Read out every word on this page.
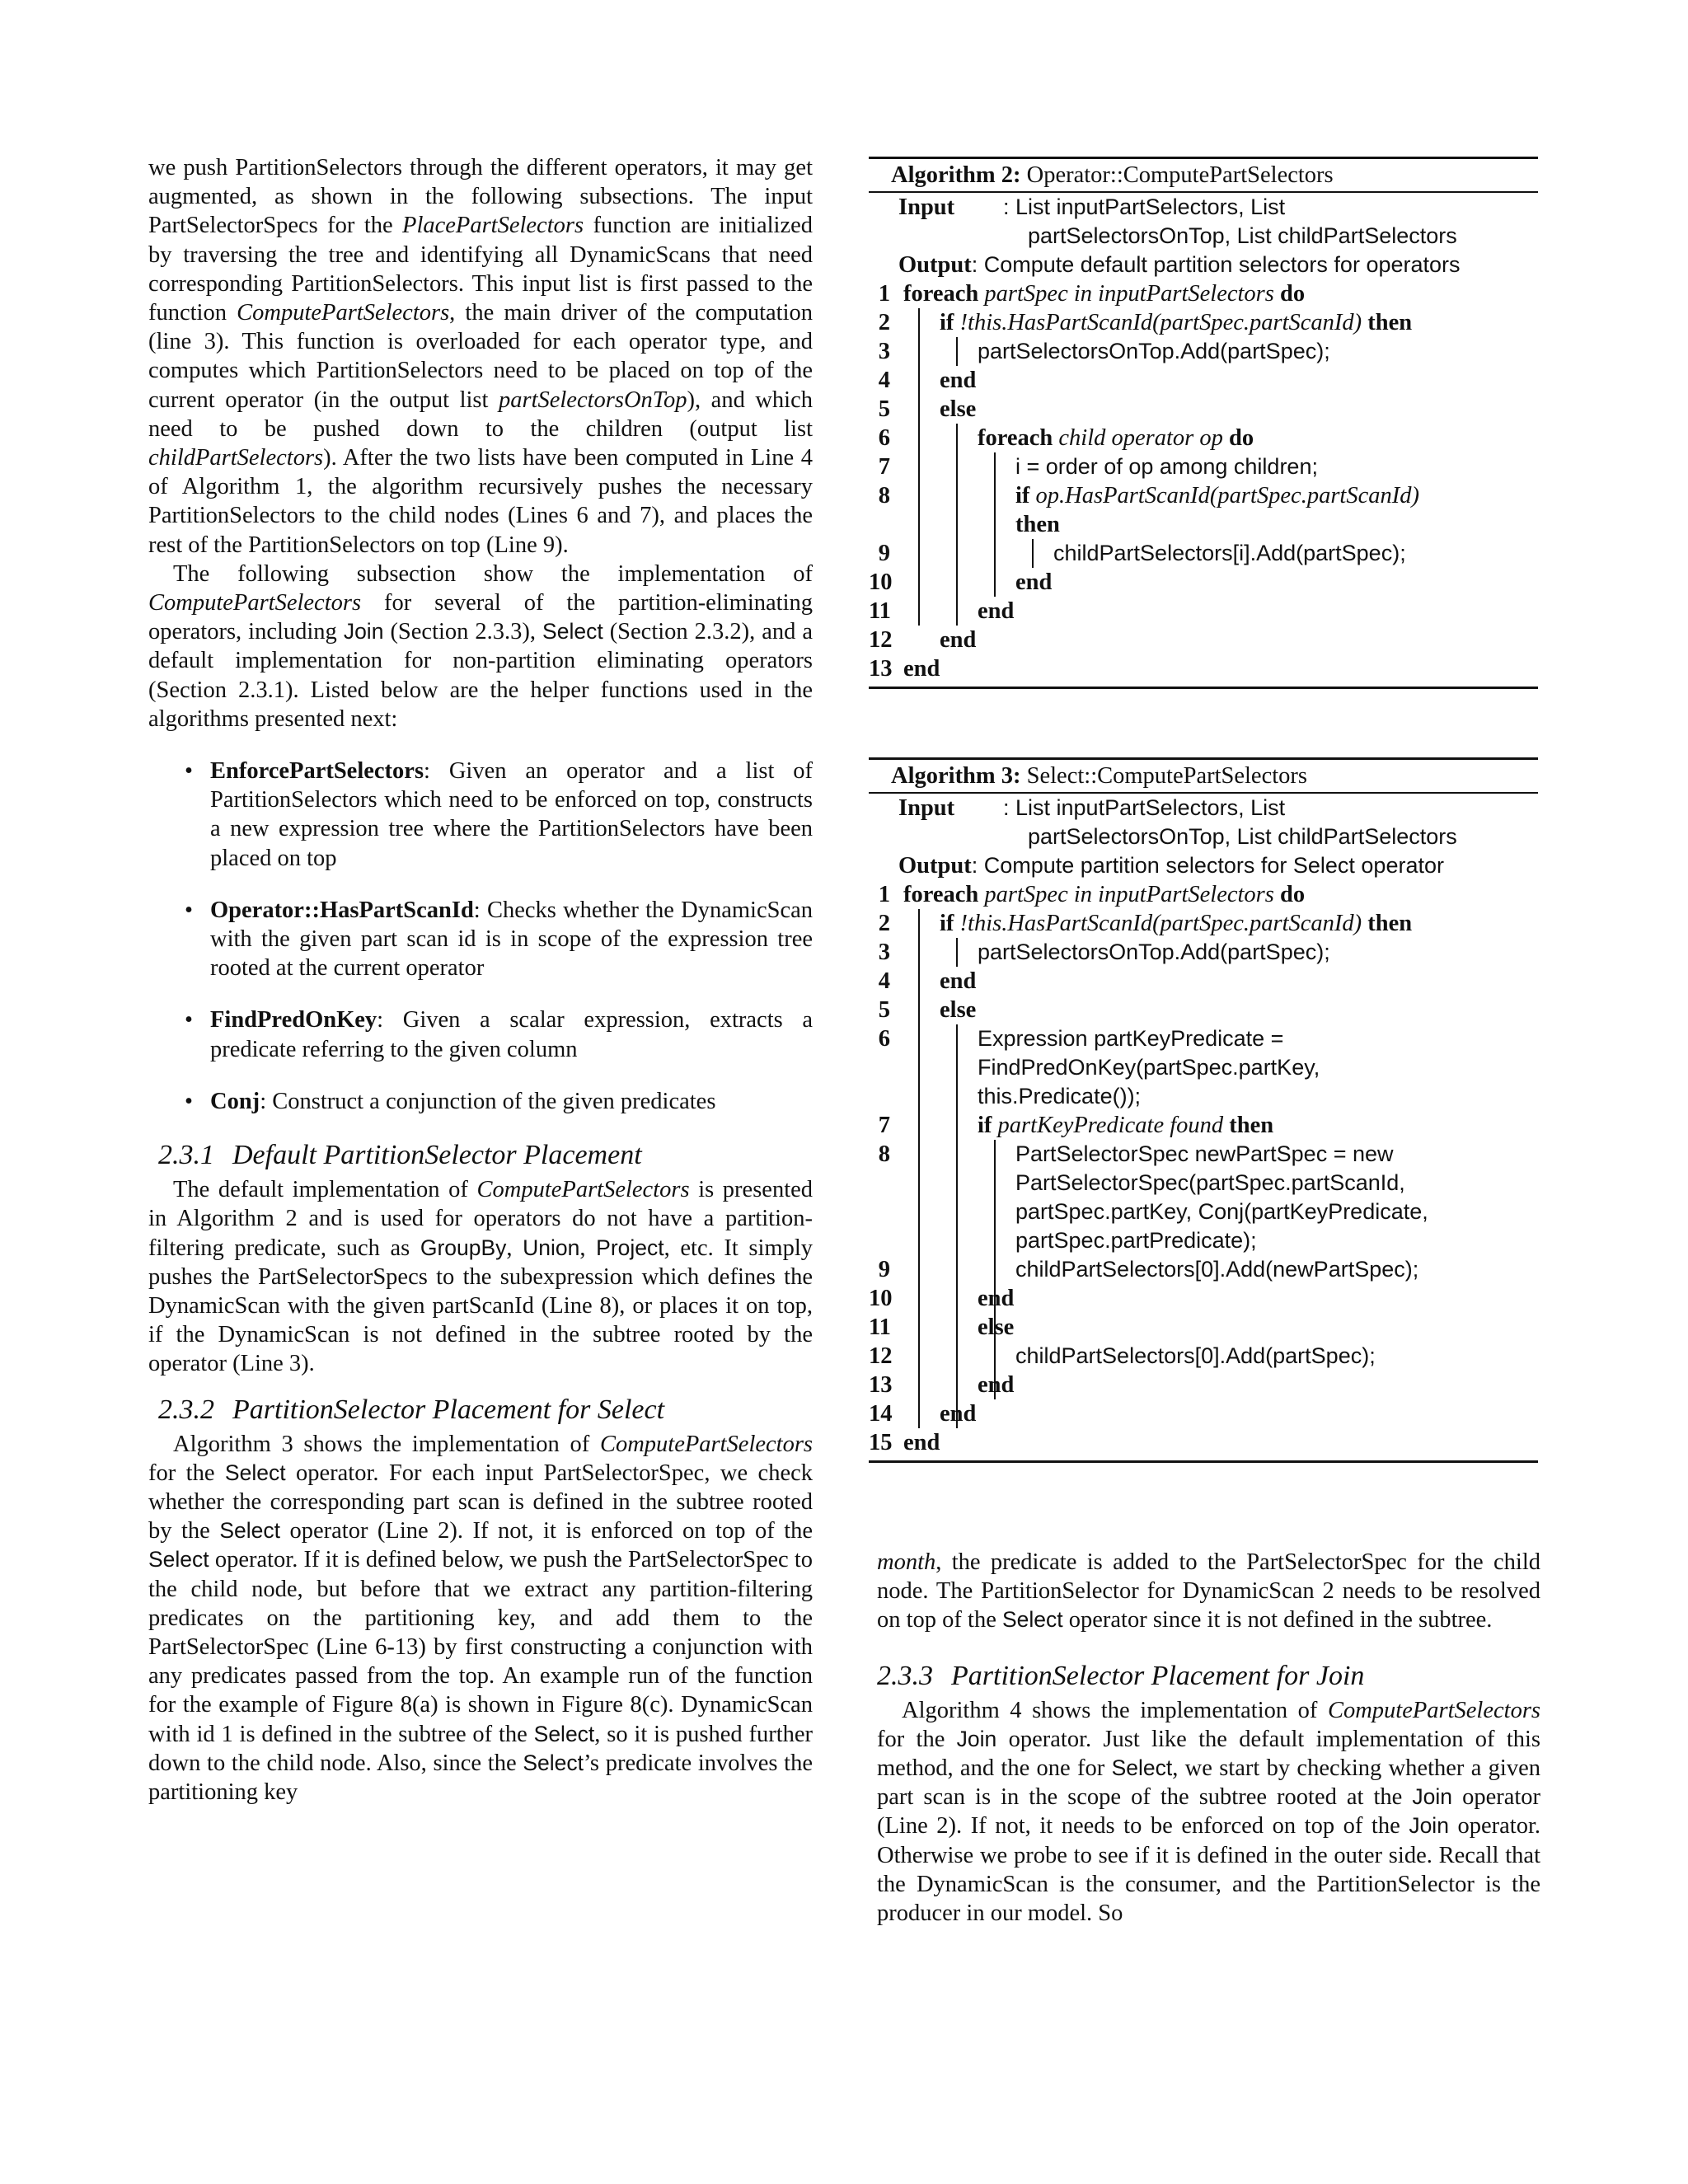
we push PartitionSelectors through the different operators, it may get augmented, as shown in the following subsections. The input PartSelectorSpecs for the PlacePartSelectors function are initialized by traversing the tree and identifying all DynamicScans that need corresponding PartitionSelectors. This input list is first passed to the function ComputePartSelectors, the main driver of the computation (line 3). This function is overloaded for each operator type, and computes which PartitionSelectors need to be placed on top of the current operator (in the output list partSelectorsOnTop), and which need to be pushed down to the children (output list childPartSelectors). After the two lists have been computed in Line 4 of Algorithm 1, the algorithm recursively pushes the necessary PartitionSelectors to the child nodes (Lines 6 and 7), and places the rest of the PartitionSelectors on top (Line 9).
The following subsection show the implementation of ComputePartSelectors for several of the partition-eliminating operators, including Join (Section 2.3.3), Select (Section 2.3.2), and a default implementation for non-partition eliminating operators (Section 2.3.1). Listed below are the helper functions used in the algorithms presented next:
• EnforcePartSelectors: Given an operator and a list of PartitionSelectors which need to be enforced on top, constructs a new expression tree where the PartitionSelectors have been placed on top
• Operator::HasPartScanId: Checks whether the DynamicScan with the given part scan id is in scope of the expression tree rooted at the current operator
• FindPredOnKey: Given a scalar expression, extracts a predicate referring to the given column
• Conj: Construct a conjunction of the given predicates
2.3.1 Default PartitionSelector Placement
The default implementation of ComputePartSelectors is presented in Algorithm 2 and is used for operators do not have a partition-filtering predicate, such as GroupBy, Union, Project, etc. It simply pushes the PartSelectorSpecs to the subexpression which defines the DynamicScan with the given partScanId (Line 8), or places it on top, if the DynamicScan is not defined in the subtree rooted by the operator (Line 3).
2.3.2 PartitionSelector Placement for Select
Algorithm 3 shows the implementation of ComputePartSelectors for the Select operator. For each input PartSelectorSpec, we check whether the corresponding part scan is defined in the subtree rooted by the Select operator (Line 2). If not, it is enforced on top of the Select operator. If it is defined below, we push the PartSelectorSpec to the child node, but before that we extract any partition-filtering predicates on the partitioning key, and add them to the PartSelectorSpec (Line 6-13) by first constructing a conjunction with any predicates passed from the top. An example run of the function for the example of Figure 8(a) is shown in Figure 8(c). DynamicScan with id 1 is defined in the subtree of the Select, so it is pushed further down to the child node. Also, since the Select’s predicate involves the partitioning key
Algorithm 2: Operator::ComputePartSelectors
Input : List inputPartSelectors, List
partSelectorsOnTop, List childPartSelectors
Output: Compute default partition selectors for operators
1 foreach partSpec in inputPartSelectors do
2 if !this.HasPartScanId(partSpec.partScanId) then
3	partSelectorsOnTop.Add(partSpec);
4 end
5 else
6	foreach child operator op do
7	i = order of op among children;
8	if op.HasPartScanId(partSpec.partScanId)
then
9	childPartSelectors[i].Add(partSpec);
10	end
11	end
12 end
13 end
Algorithm 3: Select::ComputePartSelectors
Input : List inputPartSelectors, List
partSelectorsOnTop, List childPartSelectors
Output: Compute partition selectors for Select operator
1 foreach partSpec in inputPartSelectors do
2 if !this.HasPartScanId(partSpec.partScanId) then
3	partSelectorsOnTop.Add(partSpec);
4 end
5 else
6	Expression partKeyPredicate =
FindPredOnKey(partSpec.partKey,
this.Predicate());
7	if partKeyPredicate found then
8	PartSelectorSpec newPartSpec = new
PartSelectorSpec(partSpec.partScanId,
partSpec.partKey, Conj(partKeyPredicate,
partSpec.partPredicate);
9	childPartSelectors[0].Add(newPartSpec);
10	end
11	else
12	childPartSelectors[0].Add(partSpec);
13	end
14 end
15 end
month, the predicate is added to the PartSelectorSpec for the child node. The PartitionSelector for DynamicScan 2 needs to be resolved on top of the Select operator since it is not defined in the subtree.
2.3.3 PartitionSelector Placement for Join
Algorithm 4 shows the implementation of ComputePartSelectors for the Join operator. Just like the default implementation of this method, and the one for Select, we start by checking whether a given part scan is in the scope of the subtree rooted at the Join operator (Line 2). If not, it needs to be enforced on top of the Join operator. Otherwise we probe to see if it is defined in the outer side. Recall that the DynamicScan is the consumer, and the PartitionSelector is the producer in our model. So
